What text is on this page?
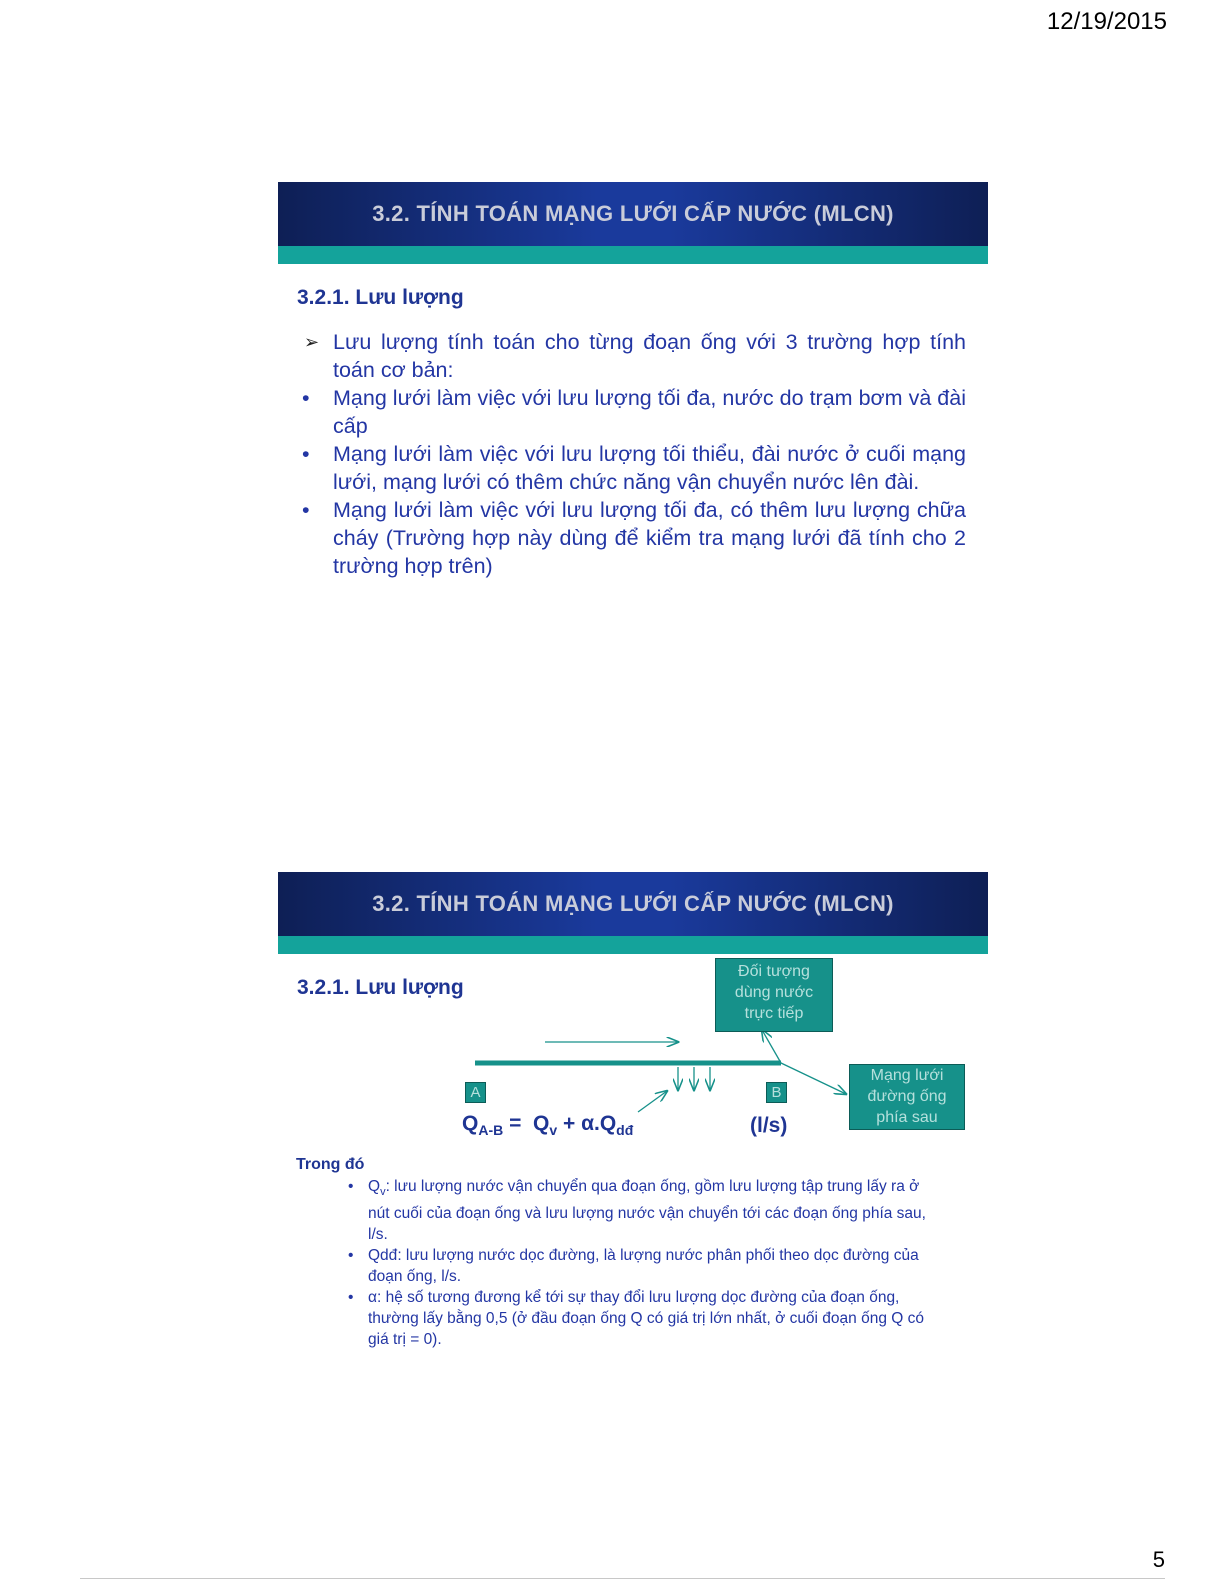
12/19/2015
3.2. TÍNH TOÁN MẠNG LƯỚI CẤP NƯỚC (MLCN)
3.2.1. Lưu lượng
➢ Lưu lượng tính toán cho từng đoạn ống với 3 trường hợp tính toán cơ bản:
• Mạng lưới làm việc với lưu lượng tối đa, nước do trạm bơm và đài cấp
• Mạng lưới làm việc với lưu lượng tối thiểu, đài nước ở cuối mạng lưới, mạng lưới có thêm chức năng vận chuyển nước lên đài.
• Mạng lưới làm việc với lưu lượng tối đa, có thêm lưu lượng chữa cháy (Trường hợp này dùng để kiểm tra mạng lưới đã tính cho 2 trường hợp trên)
3.2. TÍNH TOÁN MẠNG LƯỚI CẤP NƯỚC (MLCN)
3.2.1. Lưu lượng
Đối tượng
dùng nước
trực tiếp
Mạng lưới
đường ống
phía sau
A	B
$Q_{A-B} = Q_v + \alpha.Q_{dđ}$	(l/s)
Trong đó
• $Q_v$: lưu lượng nước vận chuyển qua đoạn ống, gồm lưu lượng tập trung lấy ra ở nút cuối của đoạn ống và lưu lượng nước vận chuyển tới các đoạn ống phía sau, l/s.
• Qdđ: lưu lượng nước dọc đường, là lượng nước phân phối theo dọc đường của đoạn ống, l/s.
• α: hệ số tương đương kể tới sự thay đổi lưu lượng dọc đường của đoạn ống, thường lấy bằng 0,5 (ở đầu đoạn ống Q có giá trị lớn nhất, ở cuối đoạn ống Q có giá trị = 0).
5
